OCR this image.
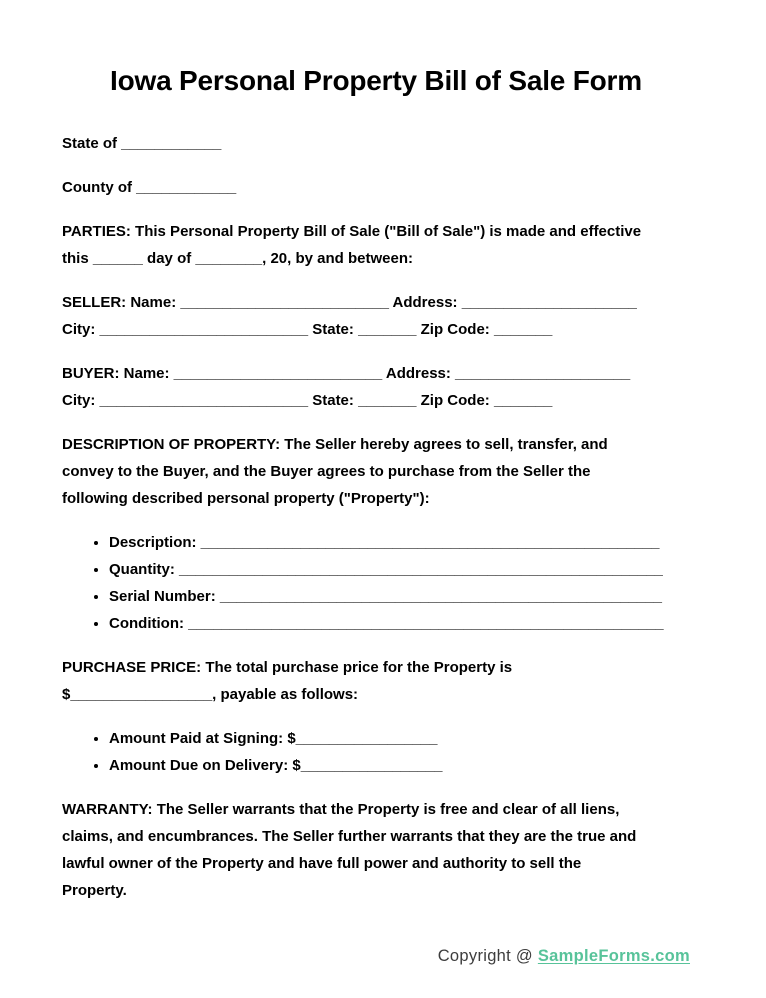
Iowa Personal Property Bill of Sale Form

State of ____________

County of ____________

PARTIES: This Personal Property Bill of Sale ("Bill of Sale") is made and effective
this ______ day of ________, 20, by and between:

SELLER: Name: _________________________ Address: _____________________
City: _________________________ State: _______ Zip Code: _______

BUYER: Name: _________________________ Address: _____________________
City: _________________________ State: _______ Zip Code: _______

DESCRIPTION OF PROPERTY: The Seller hereby agrees to sell, transfer, and
convey to the Buyer, and the Buyer agrees to purchase from the Seller the
following described personal property ("Property"):

• Description: _______________________________________________________
• Quantity: __________________________________________________________
• Serial Number: _____________________________________________________
• Condition: _________________________________________________________

PURCHASE PRICE: The total purchase price for the Property is
$_________________, payable as follows:

• Amount Paid at Signing: $_________________
• Amount Due on Delivery: $_________________

WARRANTY: The Seller warrants that the Property is free and clear of all liens,
claims, and encumbrances. The Seller further warrants that they are the true and
lawful owner of the Property and have full power and authority to sell the
Property.

Copyright @ SampleForms.com
